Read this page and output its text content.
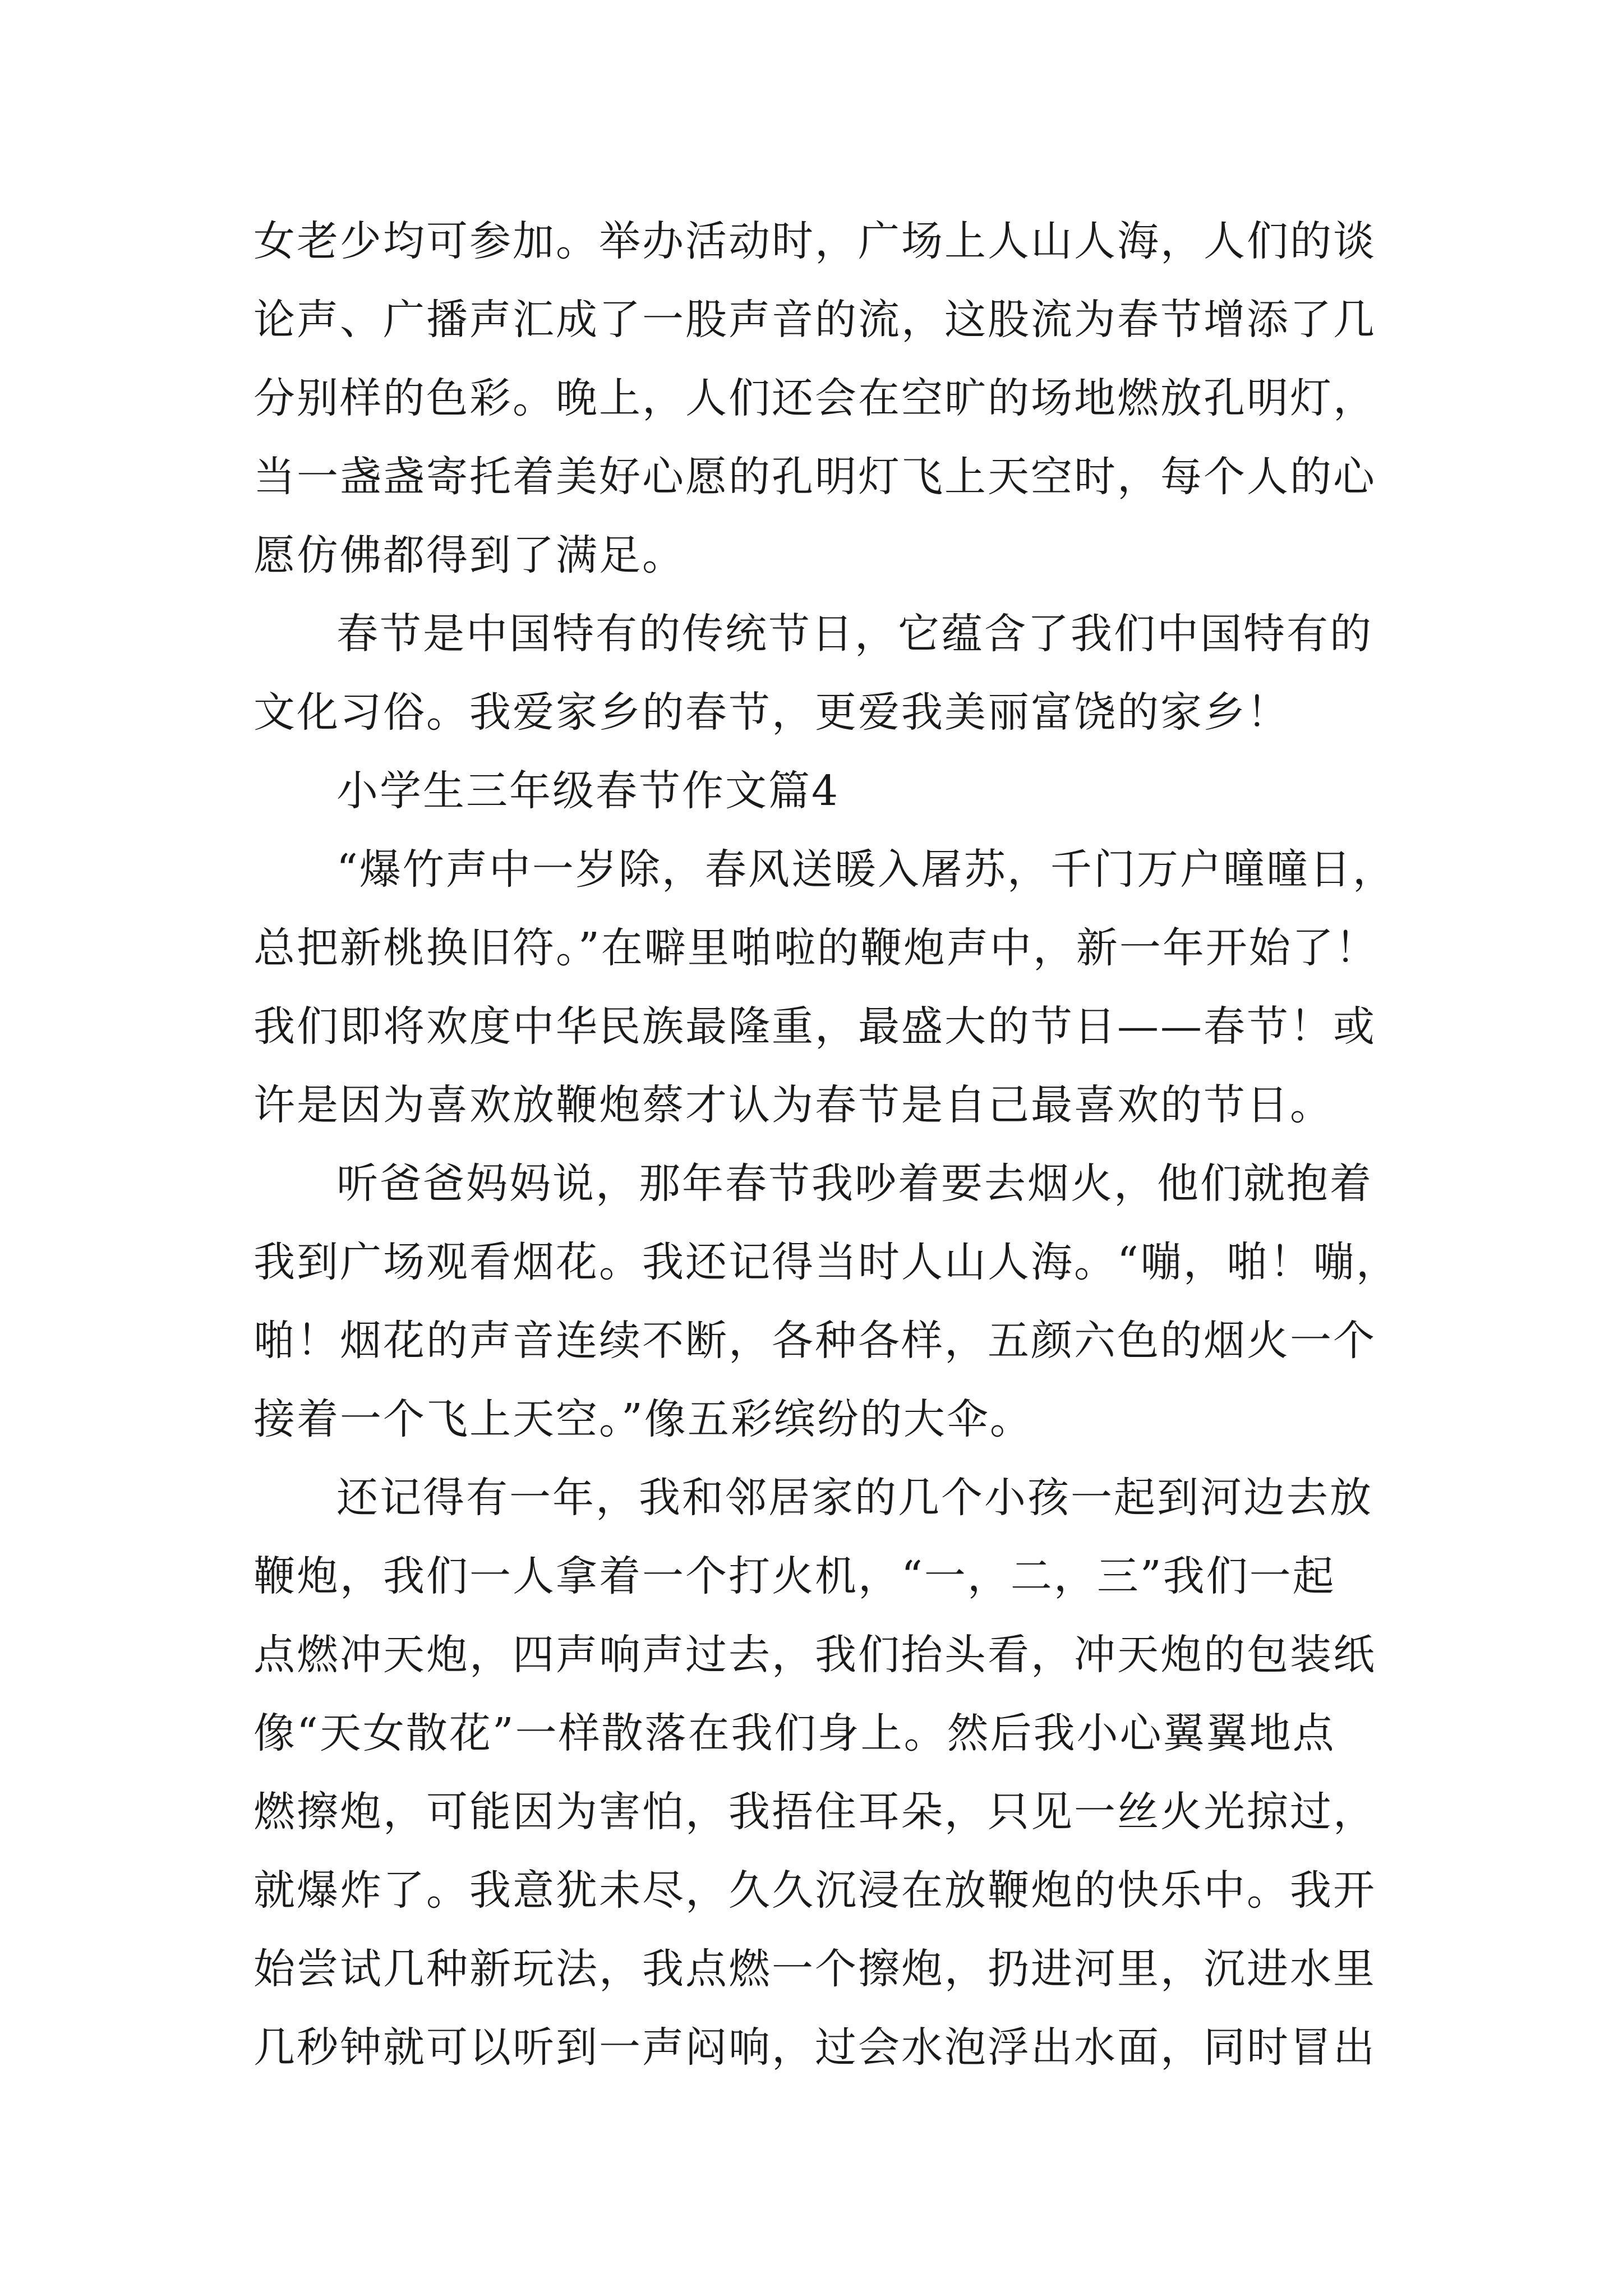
女老少均可参加。举办活动时，广场上人山人海，人们的谈
论声、广播声汇成了一股声音的流，这股流为春节增添了几
分别样的色彩。晚上，人们还会在空旷的场地燃放孔明灯，
当一盏盏寄托着美好心愿的孔明灯飞上天空时，每个人的心
愿仿佛都得到了满足。
春节是中国特有的传统节日，它蕴含了我们中国特有的
文化习俗。我爱家乡的春节，更爱我美丽富饶的家乡！
小学生三年级春节作文篇4
“爆竹声中一岁除，春风送暖入屠苏，千门万户曈曈日，
总把新桃换旧符。”在噼里啪啦的鞭炮声中，新一年开始了！
我们即将欢度中华民族最隆重，最盛大的节日——春节！或
许是因为喜欢放鞭炮蔡才认为春节是自己最喜欢的节日。
听爸爸妈妈说，那年春节我吵着要去烟火，他们就抱着
我到广场观看烟花。我还记得当时人山人海。“嘣，啪！嘣，
啪！烟花的声音连续不断，各种各样，五颜六色的烟火一个
接着一个飞上天空。”像五彩缤纷的大伞。
还记得有一年，我和邻居家的几个小孩一起到河边去放
鞭炮，我们一人拿着一个打火机，“一，二，三”我们一起
点燃冲天炮，四声响声过去，我们抬头看，冲天炮的包装纸
像“天女散花”一样散落在我们身上。然后我小心翼翼地点
燃擦炮，可能因为害怕，我捂住耳朵，只见一丝火光掠过，
就爆炸了。我意犹未尽，久久沉浸在放鞭炮的快乐中。我开
始尝试几种新玩法，我点燃一个擦炮，扔进河里，沉进水里
几秒钟就可以听到一声闷响，过会水泡浮出水面，同时冒出
